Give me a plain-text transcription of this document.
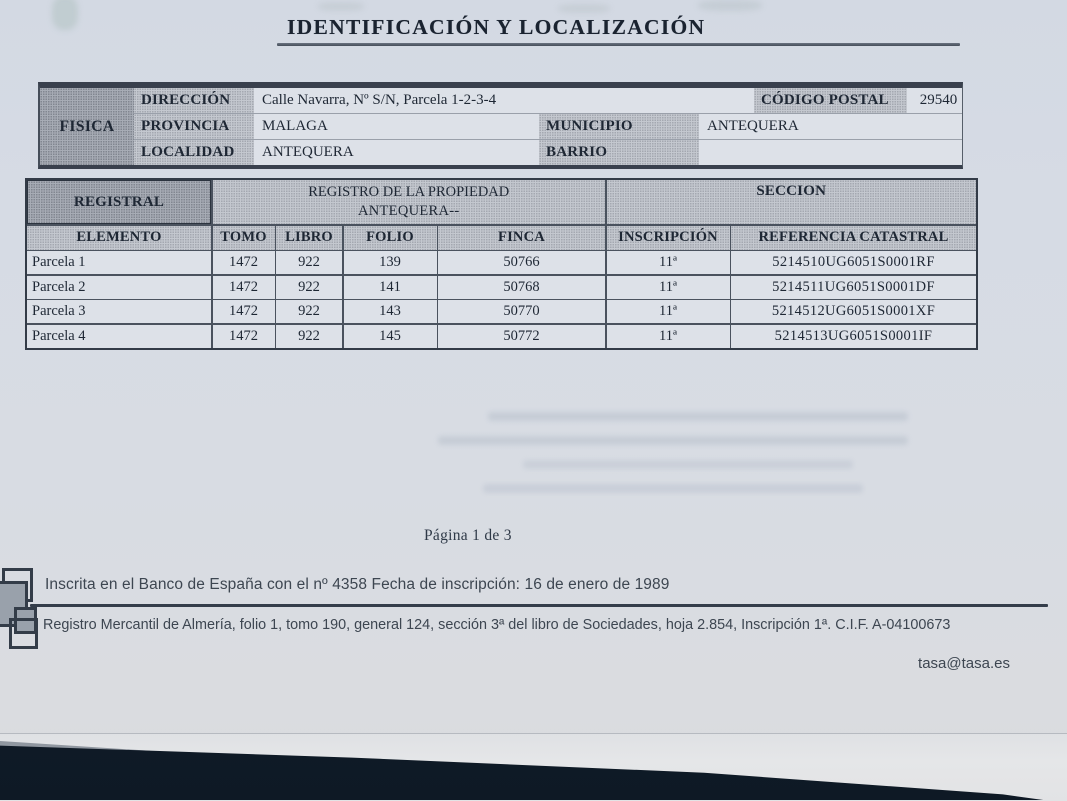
IDENTIFICACIÓN Y LOCALIZACIÓN
FISICA
DIRECCIÓN	Calle Navarra, Nº S/N, Parcela 1-2-3-4	CÓDIGO POSTAL	29540
PROVINCIA	MALAGA	MUNICIPIO	ANTEQUERA
LOCALIDAD	ANTEQUERA	BARRIO
REGISTRAL
REGISTRO DE LA PROPIEDAD
ANTEQUERA--
SECCION
ELEMENTO	TOMO	LIBRO	FOLIO	FINCA	INSCRIPCIÓN	REFERENCIA CATASTRAL
Parcela 1	1472	922	139	50766	11ª	5214510UG6051S0001RF
Parcela 2	1472	922	141	50768	11ª	5214511UG6051S0001DF
Parcela 3	1472	922	143	50770	11ª	5214512UG6051S0001XF
Parcela 4	1472	922	145	50772	11ª	5214513UG6051S0001IF
Página 1 de 3
Inscrita en el Banco de España con el nº 4358 Fecha de inscripción: 16 de enero de 1989
Registro Mercantil de Almería, folio 1, tomo 190, general 124, sección 3ª del libro de Sociedades, hoja 2.854, Inscripción 1ª. C.I.F. A-04100673
tasa@tasa.es
